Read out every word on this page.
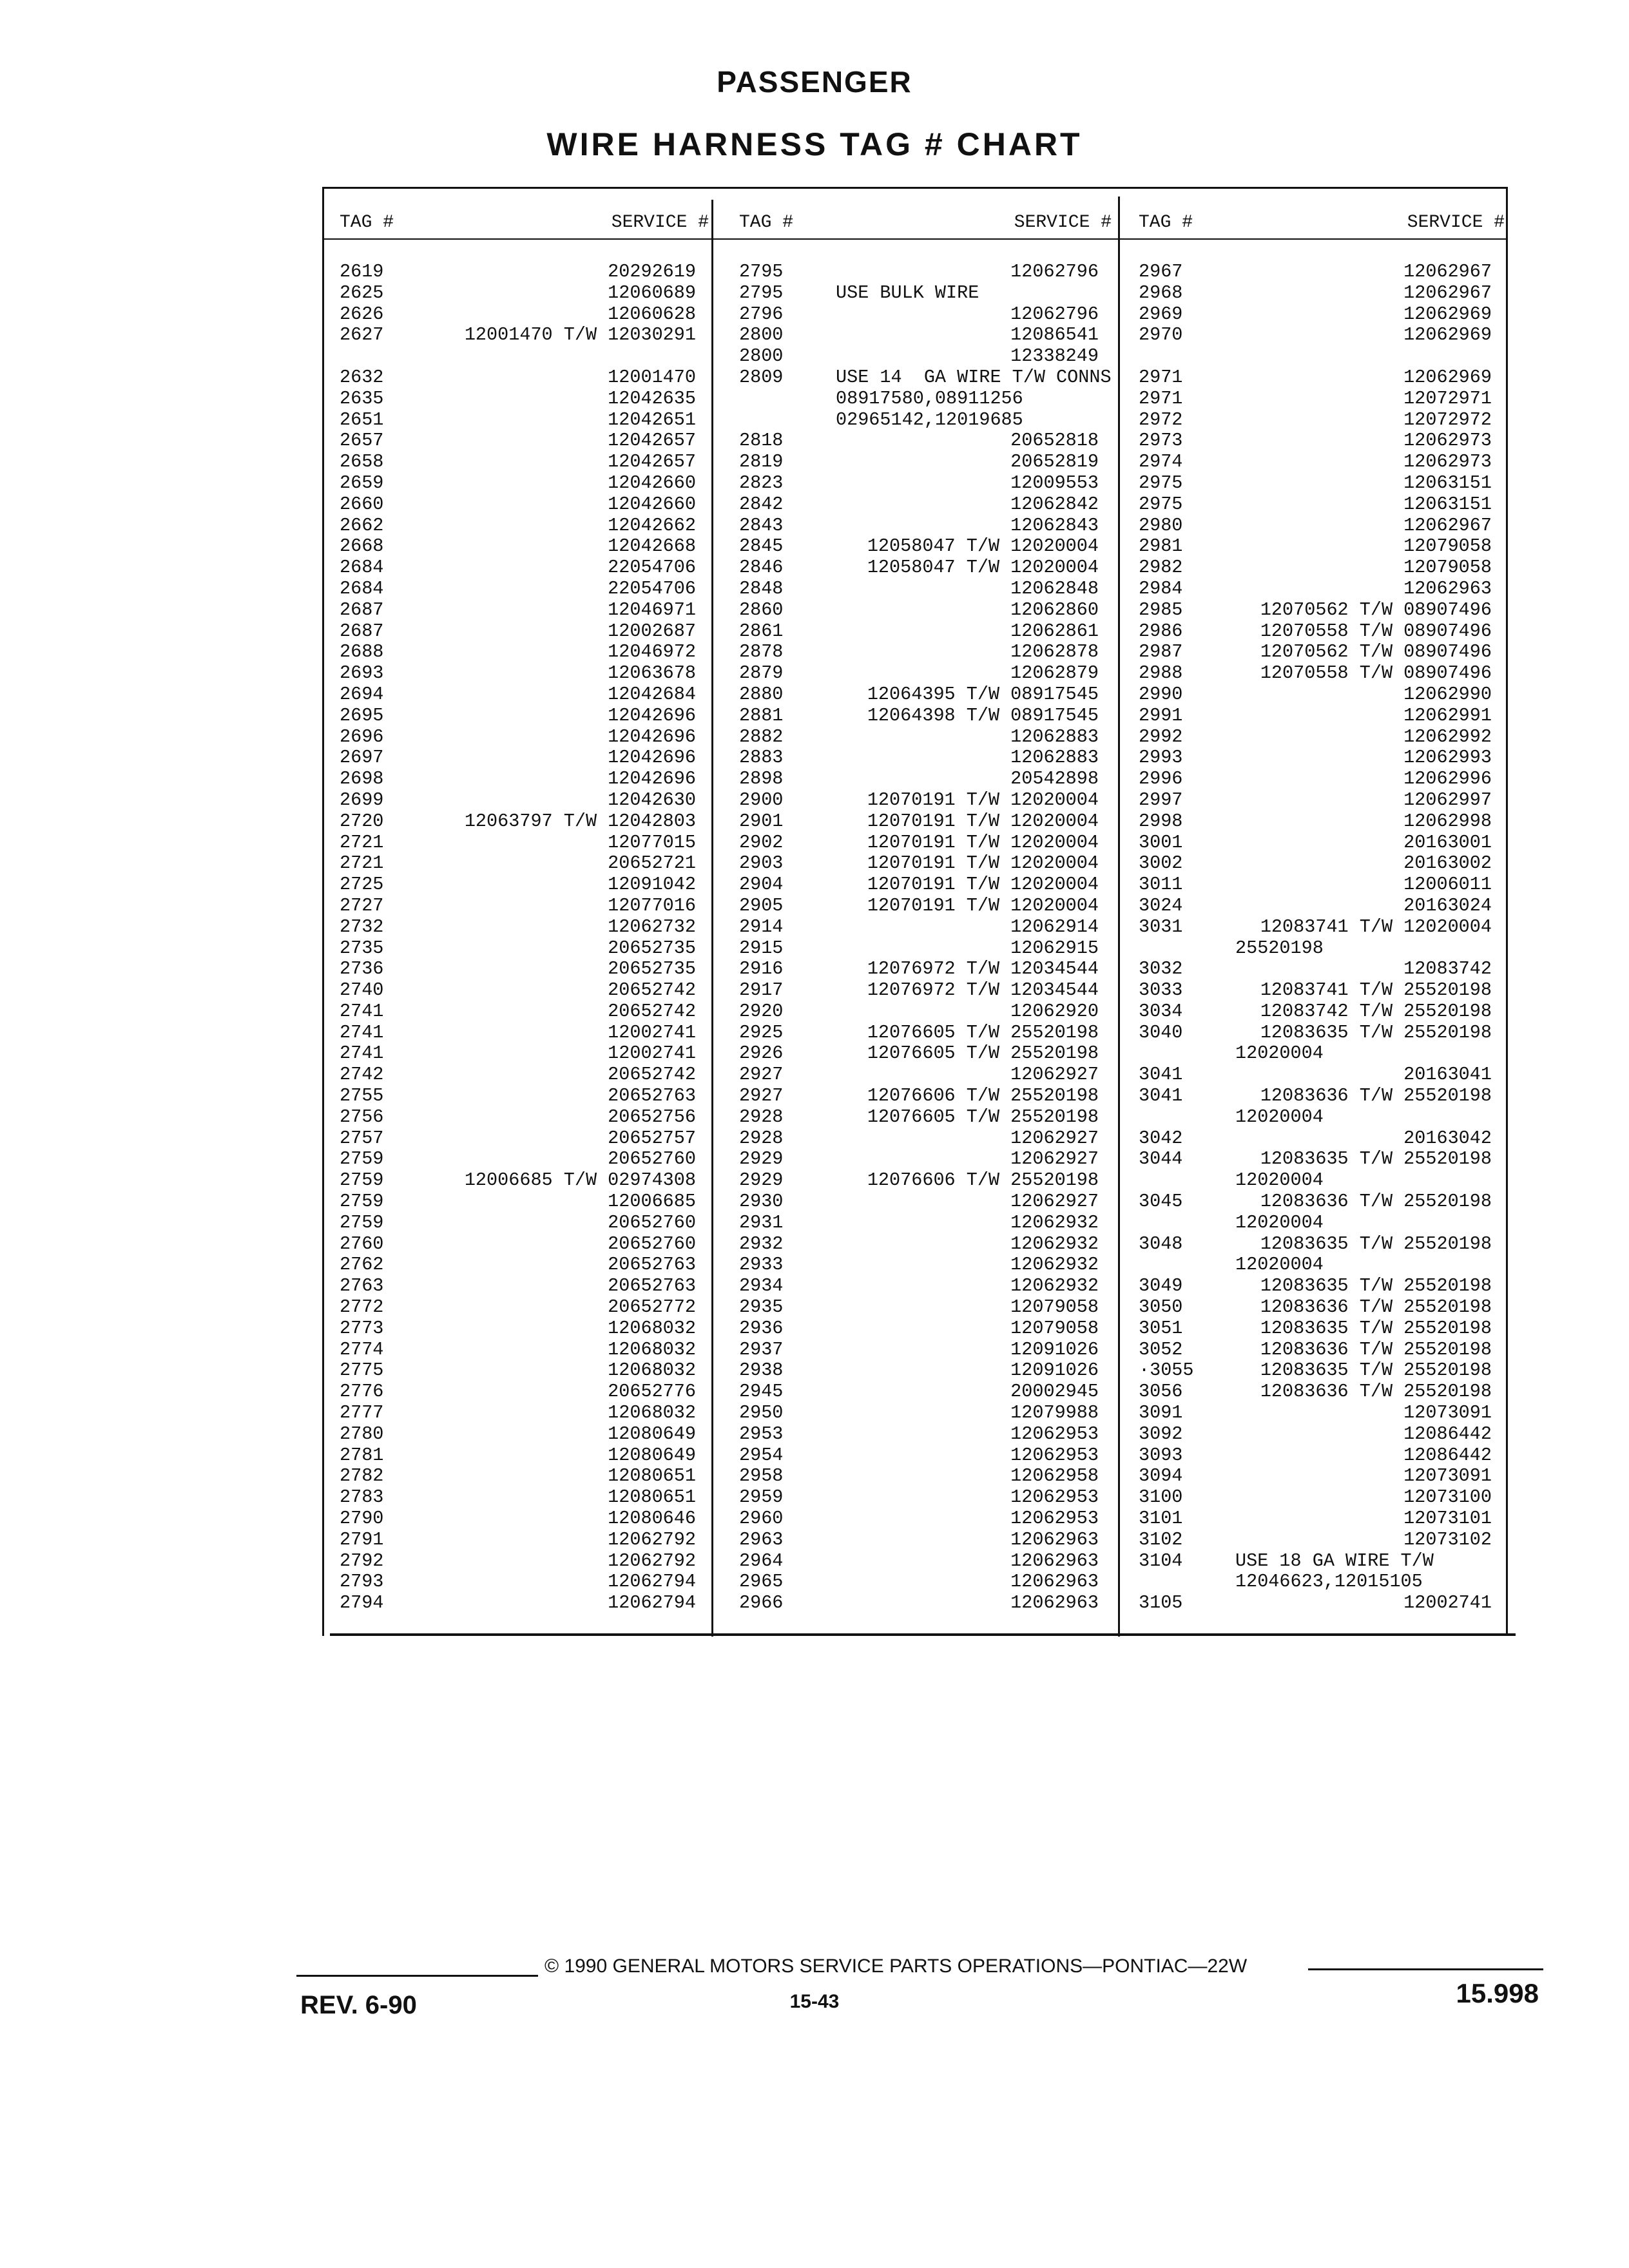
PASSENGER
WIRE HARNESS TAG # CHART
TAG #	SERVICE #
2619	20292619
2625	12060689
2626	12060628
2627	12001470 T/W 12030291
2632	12001470
2635	12042635
2651	12042651
2657	12042657
2658	12042657
2659	12042660
2660	12042660
2662	12042662
2668	12042668
2684	22054706
2684	22054706
2687	12046971
2687	12002687
2688	12046972
2693	12063678
2694	12042684
2695	12042696
2696	12042696
2697	12042696
2698	12042696
2699	12042630
2720	12063797 T/W 12042803
2721	12077015
2721	20652721
2725	12091042
2727	12077016
2732	12062732
2735	20652735
2736	20652735
2740	20652742
2741	20652742
2741	12002741
2741	12002741
2742	20652742
2755	20652763
2756	20652756
2757	20652757
2759	20652760
2759	12006685 T/W 02974308
2759	12006685
2759	20652760
2760	20652760
2762	20652763
2763	20652763
2772	20652772
2773	12068032
2774	12068032
2775	12068032
2776	20652776
2777	12068032
2780	12080649
2781	12080649
2782	12080651
2783	12080651
2790	12080646
2791	12062792
2792	12062792
2793	12062794
2794	12062794
TAG #	SERVICE #
2795	12062796
2795	USE BULK WIRE
2796	12062796
2800	12086541
2800	12338249
2809	USE 14  GA WIRE T/W CONNS
08917580,08911256
02965142,12019685
2818	20652818
2819	20652819
2823	12009553
2842	12062842
2843	12062843
2845	12058047 T/W 12020004
2846	12058047 T/W 12020004
2848	12062848
2860	12062860
2861	12062861
2878	12062878
2879	12062879
2880	12064395 T/W 08917545
2881	12064398 T/W 08917545
2882	12062883
2883	12062883
2898	20542898
2900	12070191 T/W 12020004
2901	12070191 T/W 12020004
2902	12070191 T/W 12020004
2903	12070191 T/W 12020004
2904	12070191 T/W 12020004
2905	12070191 T/W 12020004
2914	12062914
2915	12062915
2916	12076972 T/W 12034544
2917	12076972 T/W 12034544
2920	12062920
2925	12076605 T/W 25520198
2926	12076605 T/W 25520198
2927	12062927
2927	12076606 T/W 25520198
2928	12076605 T/W 25520198
2928	12062927
2929	12062927
2929	12076606 T/W 25520198
2930	12062927
2931	12062932
2932	12062932
2933	12062932
2934	12062932
2935	12079058
2936	12079058
2937	12091026
2938	12091026
2945	20002945
2950	12079988
2953	12062953
2954	12062953
2958	12062958
2959	12062953
2960	12062953
2963	12062963
2964	12062963
2965	12062963
2966	12062963
TAG #	SERVICE #
2967	12062967
2968	12062967
2969	12062969
2970	12062969
2971	12062969
2971	12072971
2972	12072972
2973	12062973
2974	12062973
2975	12063151
2975	12063151
2980	12062967
2981	12079058
2982	12079058
2984	12062963
2985	12070562 T/W 08907496
2986	12070558 T/W 08907496
2987	12070562 T/W 08907496
2988	12070558 T/W 08907496
2990	12062990
2991	12062991
2992	12062992
2993	12062993
2996	12062996
2997	12062997
2998	12062998
3001	20163001
3002	20163002
3011	12006011
3024	20163024
3031	12083741 T/W 12020004
25520198
3032	12083742
3033	12083741 T/W 25520198
3034	12083742 T/W 25520198
3040	12083635 T/W 25520198
12020004
3041	20163041
3041	12083636 T/W 25520198
12020004
3042	20163042
3044	12083635 T/W 25520198
12020004
3045	12083636 T/W 25520198
12020004
3048	12083635 T/W 25520198
12020004
3049	12083635 T/W 25520198
3050	12083636 T/W 25520198
3051	12083635 T/W 25520198
3052	12083636 T/W 25520198
·3055	12083635 T/W 25520198
3056	12083636 T/W 25520198
3091	12073091
3092	12086442
3093	12086442
3094	12073091
3100	12073100
3101	12073101
3102	12073102
3104	USE 18 GA WIRE T/W
12046623,12015105
3105	12002741
© 1990 GENERAL MOTORS SERVICE PARTS OPERATIONS—PONTIAC—22W
REV. 6-90	15-43	15.998
